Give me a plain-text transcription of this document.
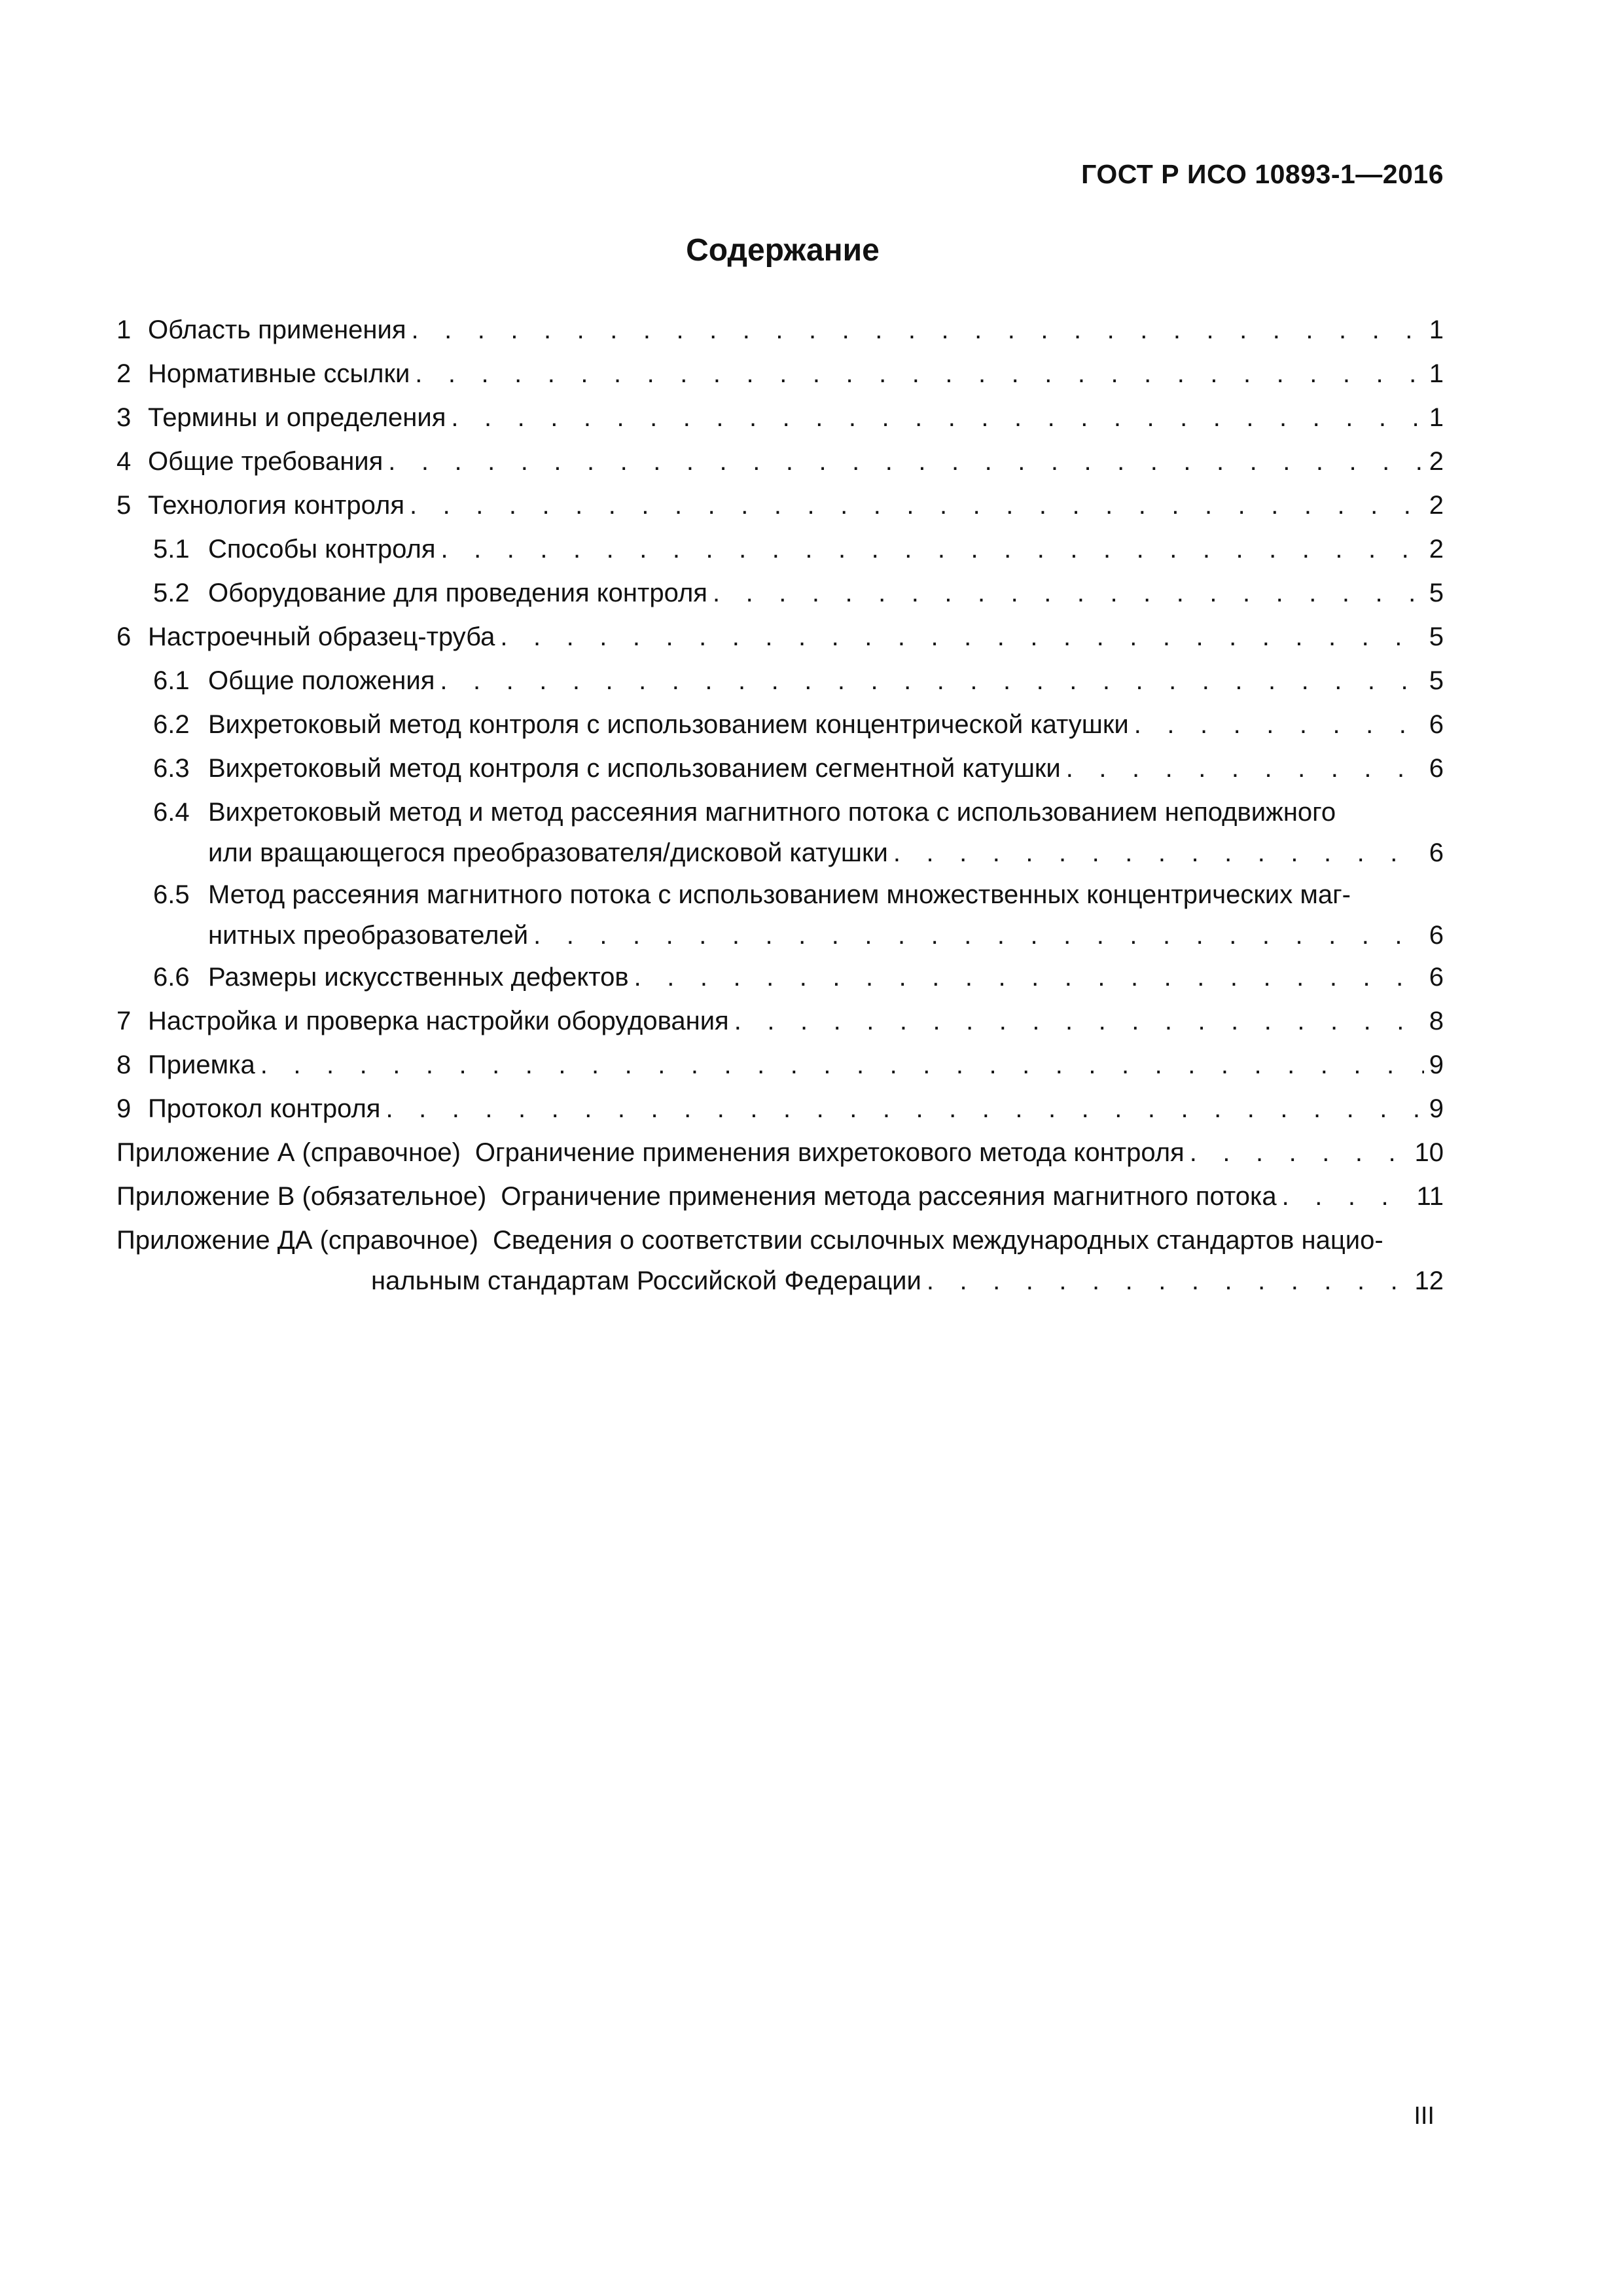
ГОСТ Р ИСО 10893-1—2016
Содержание
1 Область применения . . .	1
2 Нормативные ссылки . . .	1
3 Термины и определения . . .	1
4 Общие требования . . .	2
5 Технология контроля . . .	2
5.1 Способы контроля . . .	2
5.2 Оборудование для проведения контроля . . .	5
6 Настроечный образец-труба . . .	5
6.1 Общие положения . . .	5
6.2 Вихретоковый метод контроля с использованием концентрической катушки . . .	6
6.3 Вихретоковый метод контроля с использованием сегментной катушки . . .	6
6.4 Вихретоковый метод и метод рассеяния магнитного потока с использованием неподвижного
или вращающегося преобразователя/дисковой катушки . . .	6
6.5 Метод рассеяния магнитного потока с использованием множественных концентрических маг-
нитных преобразователей . . .	6
6.6 Размеры искусственных дефектов . . .	6
7 Настройка и проверка настройки оборудования . . .	8
8 Приемка . . .	9
9 Протокол контроля . . .	9
Приложение А (справочное) Ограничение применения вихретокового метода контроля . . .	10
Приложение В (обязательное) Ограничение применения метода рассеяния магнитного потока . . .	11
Приложение ДА (справочное) Сведения о соответствии ссылочных международных стандартов нацио-
нальным стандартам Российской Федерации . . .	12
III
